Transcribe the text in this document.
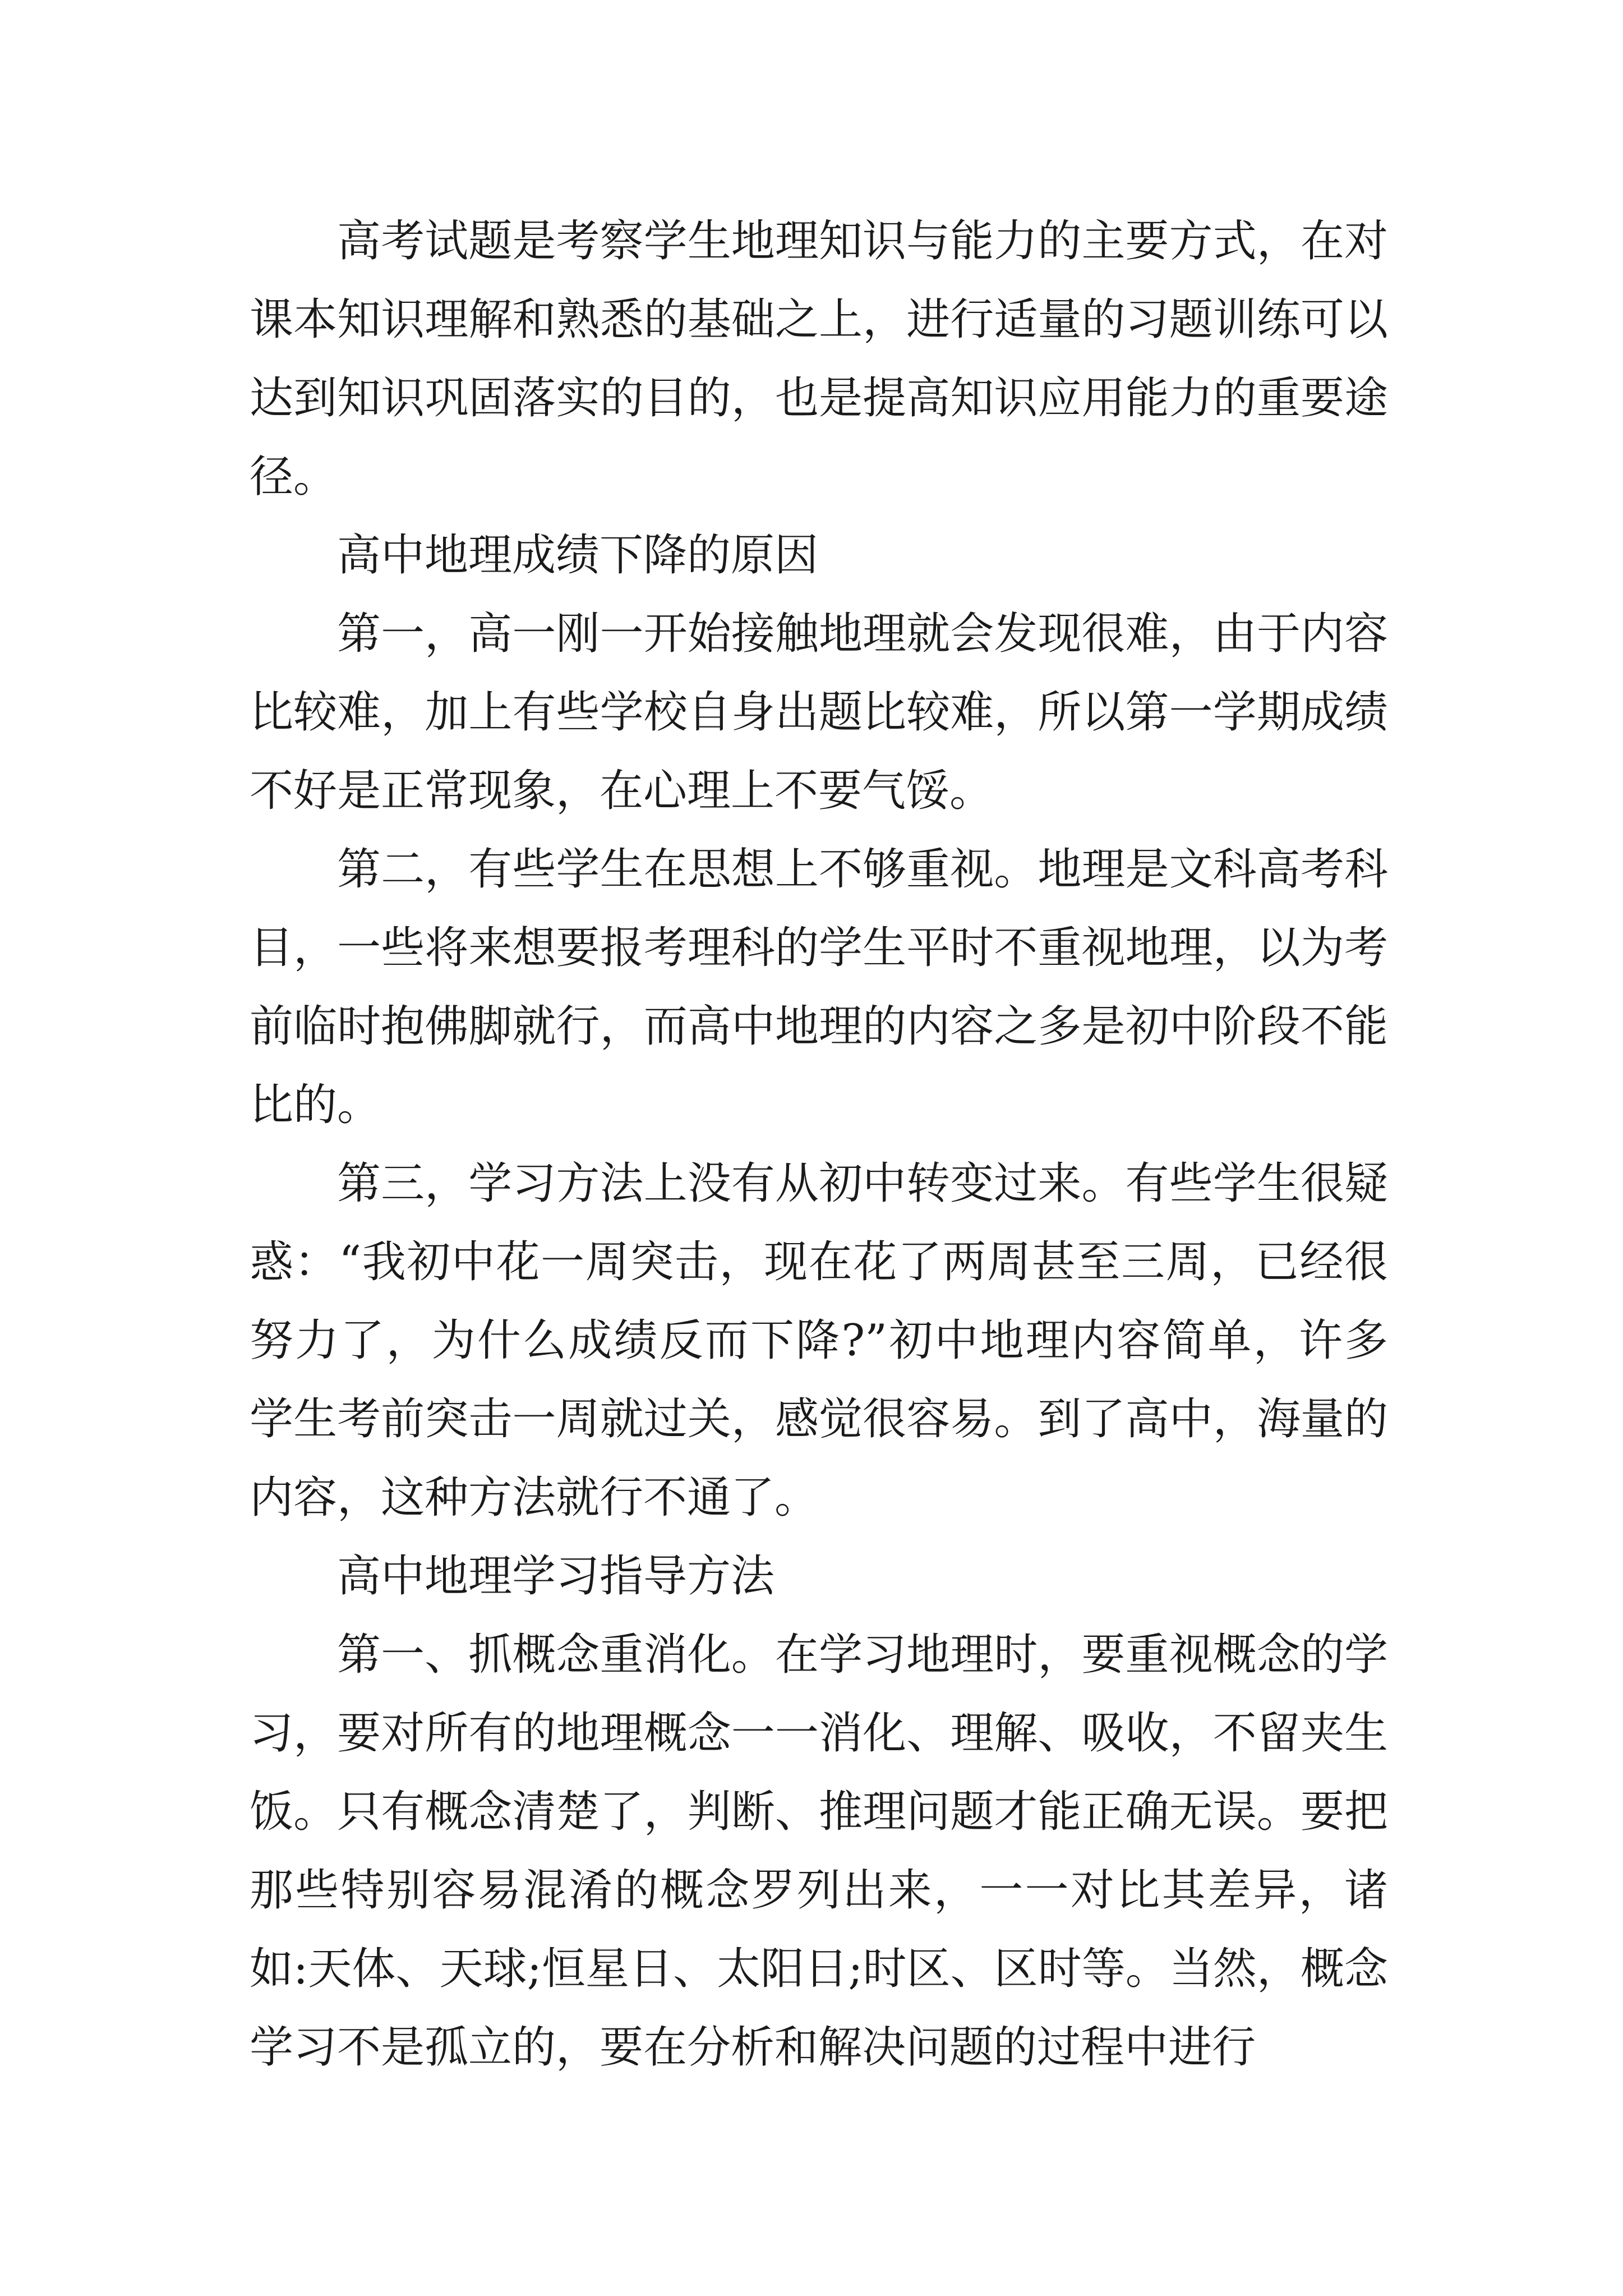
高考试题是考察学生地理知识与能力的主要方式，在对课本知识理解和熟悉的基础之上，进行适量的习题训练可以达到知识巩固落实的目的，也是提高知识应用能力的重要途径。

高中地理成绩下降的原因

第一，高一刚一开始接触地理就会发现很难，由于内容比较难，加上有些学校自身出题比较难，所以第一学期成绩不好是正常现象，在心理上不要气馁。

第二，有些学生在思想上不够重视。地理是文科高考科目，一些将来想要报考理科的学生平时不重视地理，以为考前临时抱佛脚就行，而高中地理的内容之多是初中阶段不能比的。

第三，学习方法上没有从初中转变过来。有些学生很疑惑：“我初中花一周突击，现在花了两周甚至三周，已经很努力了，为什么成绩反而下降?”初中地理内容简单，许多学生考前突击一周就过关，感觉很容易。到了高中，海量的内容，这种方法就行不通了。

高中地理学习指导方法

第一、抓概念重消化。在学习地理时，要重视概念的学习，要对所有的地理概念一一消化、理解、吸收，不留夹生饭。只有概念清楚了，判断、推理问题才能正确无误。要把那些特别容易混淆的概念罗列出来，一一对比其差异，诸如:天体、天球;恒星日、太阳日;时区、区时等。当然，概念学习不是孤立的，要在分析和解决问题的过程中进行
